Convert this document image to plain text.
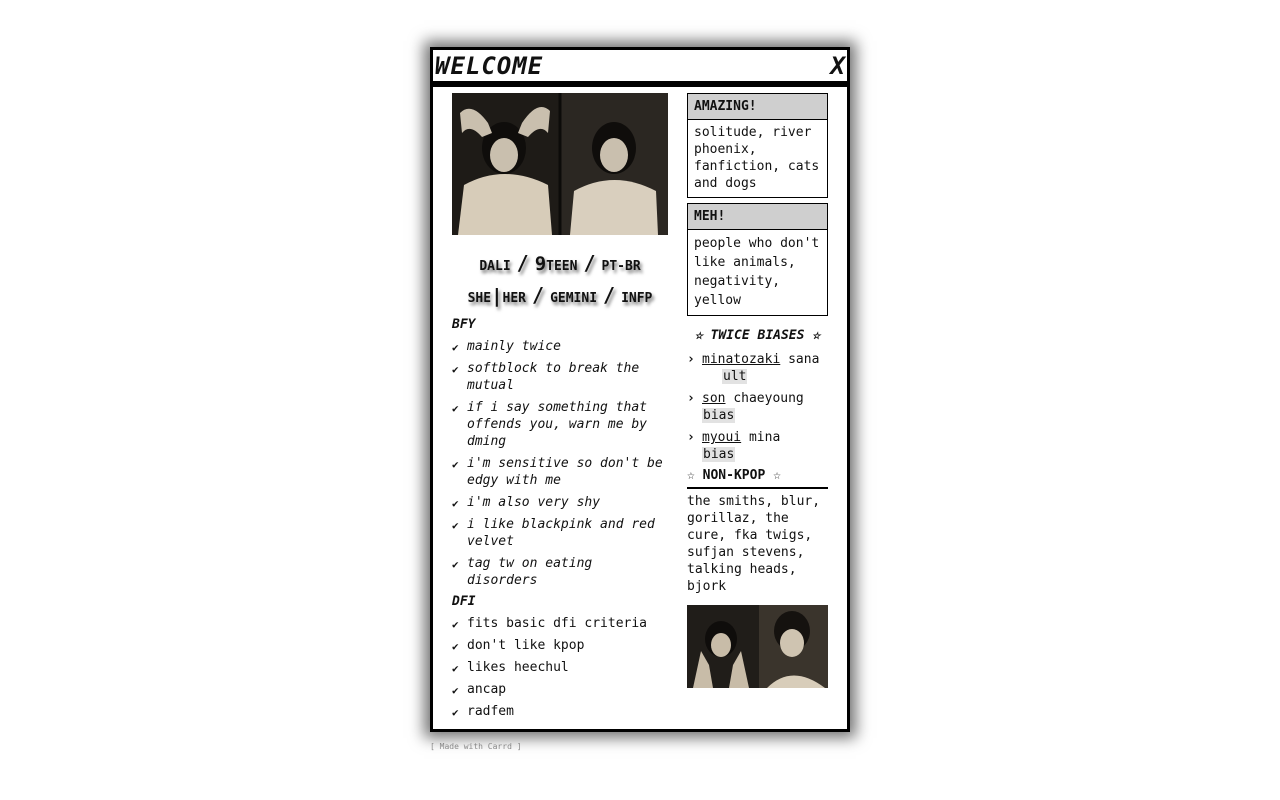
WELCOME	X
DALI / 9TEEN / PT-BR
SHE|HER / GEMINI / INFP
BFY
✔ mainly twice
✔ softblock to break the mutual
✔ if i say something that offends you, warn me by dming
✔ i'm sensitive so don't be edgy with me
✔ i'm also very shy
✔ i like blackpink and red velvet
✔ tag tw on eating disorders
DFI
✔ fits basic dfi criteria
✔ don't like kpop
✔ likes heechul
✔ ancap
✔ radfem
AMAZING!
solitude, river phoenix, fanfiction, cats and dogs
MEH!
people who don't like animals, negativity, yellow
☆ TWICE BIASES ☆
› minatozaki sana
ult
› son chaeyoung
bias
› myoui mina
bias
☆ NON-KPOP ☆
the smiths, blur, gorillaz, the cure, fka twigs, sufjan stevens, talking heads, bjork
[ Made with Carrd ]
